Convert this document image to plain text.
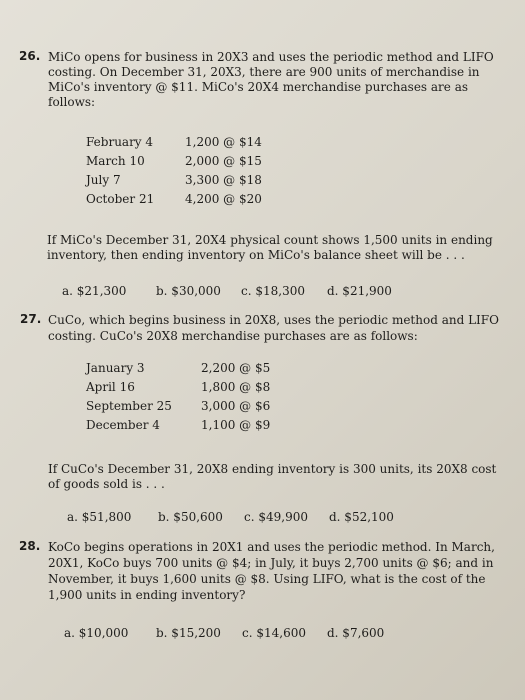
26. MiCo opens for business in 20X3 and uses the periodic method and LIFO
costing. On December 31, 20X3, there are 900 units of merchandise in
MiCo's inventory @ $11. MiCo's 20X4 merchandise purchases are as
follows:
February 4	1,200 @ $14
March 10	2,000 @ $15
July 7	3,300 @ $18
October 21	4,200 @ $20
If MiCo's December 31, 20X4 physical count shows 1,500 units in ending
inventory, then ending inventory on MiCo's balance sheet will be . . .
a. $21,300	b. $30,000	c. $18,300	d. $21,900
27. CuCo, which begins business in 20X8, uses the periodic method and LIFO
costing. CuCo's 20X8 merchandise purchases are as follows:
January 3	2,200 @ $5
April 16	1,800 @ $8
September 25	3,000 @ $6
December 4	1,100 @ $9
If CuCo's December 31, 20X8 ending inventory is 300 units, its 20X8 cost
of goods sold is . . .
a. $51,800	b. $50,600	c. $49,900	d. $52,100
28. KoCo begins operations in 20X1 and uses the periodic method. In March,
20X1, KoCo buys 700 units @ $4; in July, it buys 2,700 units @ $6; and in
November, it buys 1,600 units @ $8. Using LIFO, what is the cost of the
1,900 units in ending inventory?
a. $10,000	b. $15,200	c. $14,600	d. $7,600
